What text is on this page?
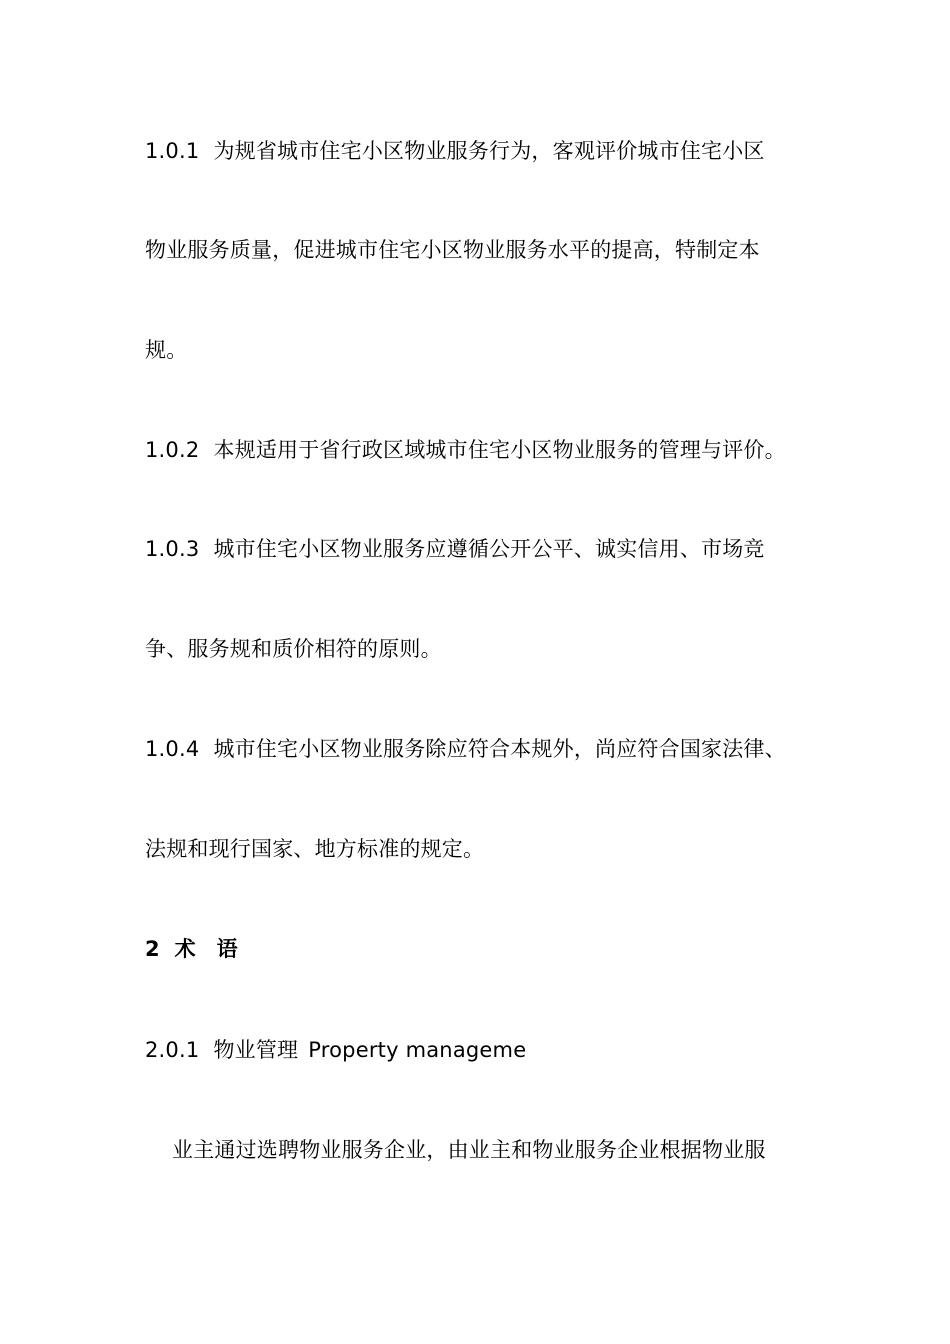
1.0.1 为规省城市住宅小区物业服务行为，客观评价城市住宅小区
物业服务质量，促进城市住宅小区物业服务水平的提高，特制定本
规。
1.0.2 本规适用于省行政区域城市住宅小区物业服务的管理与评价。
1.0.3 城市住宅小区物业服务应遵循公开公平、诚实信用、市场竞
争、服务规和质价相符的原则。
1.0.4 城市住宅小区物业服务除应符合本规外，尚应符合国家法律、
法规和现行国家、地方标准的规定。
2 术 语
2.0.1 物业管理 Property manageme
业主通过选聘物业服务企业，由业主和物业服务企业根据物业服
